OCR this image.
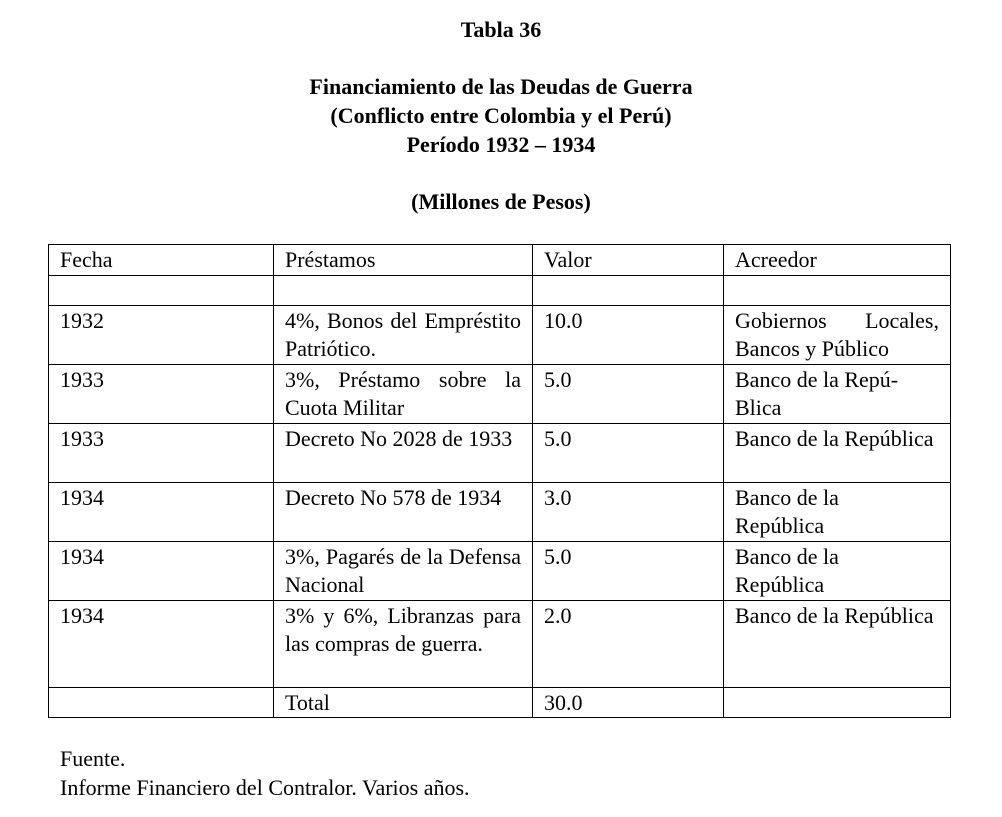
Tabla 36
Financiamiento de las Deudas de Guerra
(Conflicto entre Colombia y el Perú)
Período 1932 – 1934
(Millones de Pesos)
Fecha	Préstamos	Valor	Acreedor

1932	4%, Bonos del Empréstito Patriótico.	10.0	Gobiernos Locales, Bancos y Público
1933	3%, Préstamo sobre la Cuota Militar	5.0	Banco de la Repú-Blica
1933	Decreto No 2028 de 1933	5.0	Banco de la República
1934	Decreto No 578 de 1934	3.0	Banco de la República
1934	3%, Pagarés de la Defensa Nacional	5.0	Banco de la República
1934	3% y 6%, Libranzas para las compras de guerra.	2.0	Banco de la República
	Total	30.0	
Fuente.
Informe Financiero del Contralor. Varios años.
